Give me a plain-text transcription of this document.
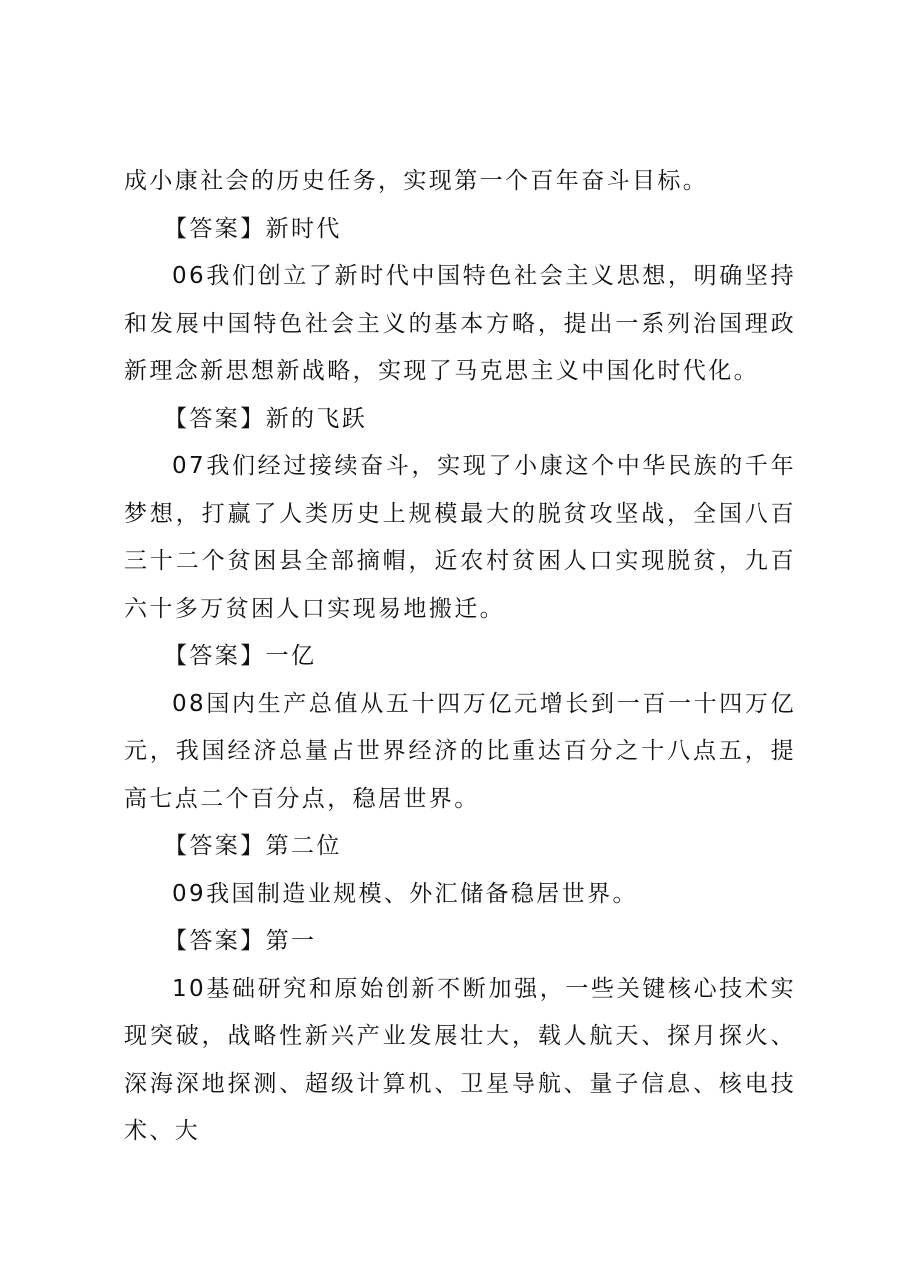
成小康社会的历史任务，实现第一个百年奋斗目标。

【答案】新时代

06我们创立了新时代中国特色社会主义思想，明确坚持和发展中国特色社会主义的基本方略，提出一系列治国理政新理念新思想新战略，实现了马克思主义中国化时代化。

【答案】新的飞跃

07我们经过接续奋斗，实现了小康这个中华民族的千年梦想，打赢了人类历史上规模最大的脱贫攻坚战，全国八百三十二个贫困县全部摘帽，近农村贫困人口实现脱贫，九百六十多万贫困人口实现易地搬迁。

【答案】一亿

08国内生产总值从五十四万亿元增长到一百一十四万亿元，我国经济总量占世界经济的比重达百分之十八点五，提高七点二个百分点，稳居世界。

【答案】第二位

09我国制造业规模、外汇储备稳居世界。

【答案】第一

10基础研究和原始创新不断加强，一些关键核心技术实现突破，战略性新兴产业发展壮大，载人航天、探月探火、深海深地探测、超级计算机、卫星导航、量子信息、核电技术、大
